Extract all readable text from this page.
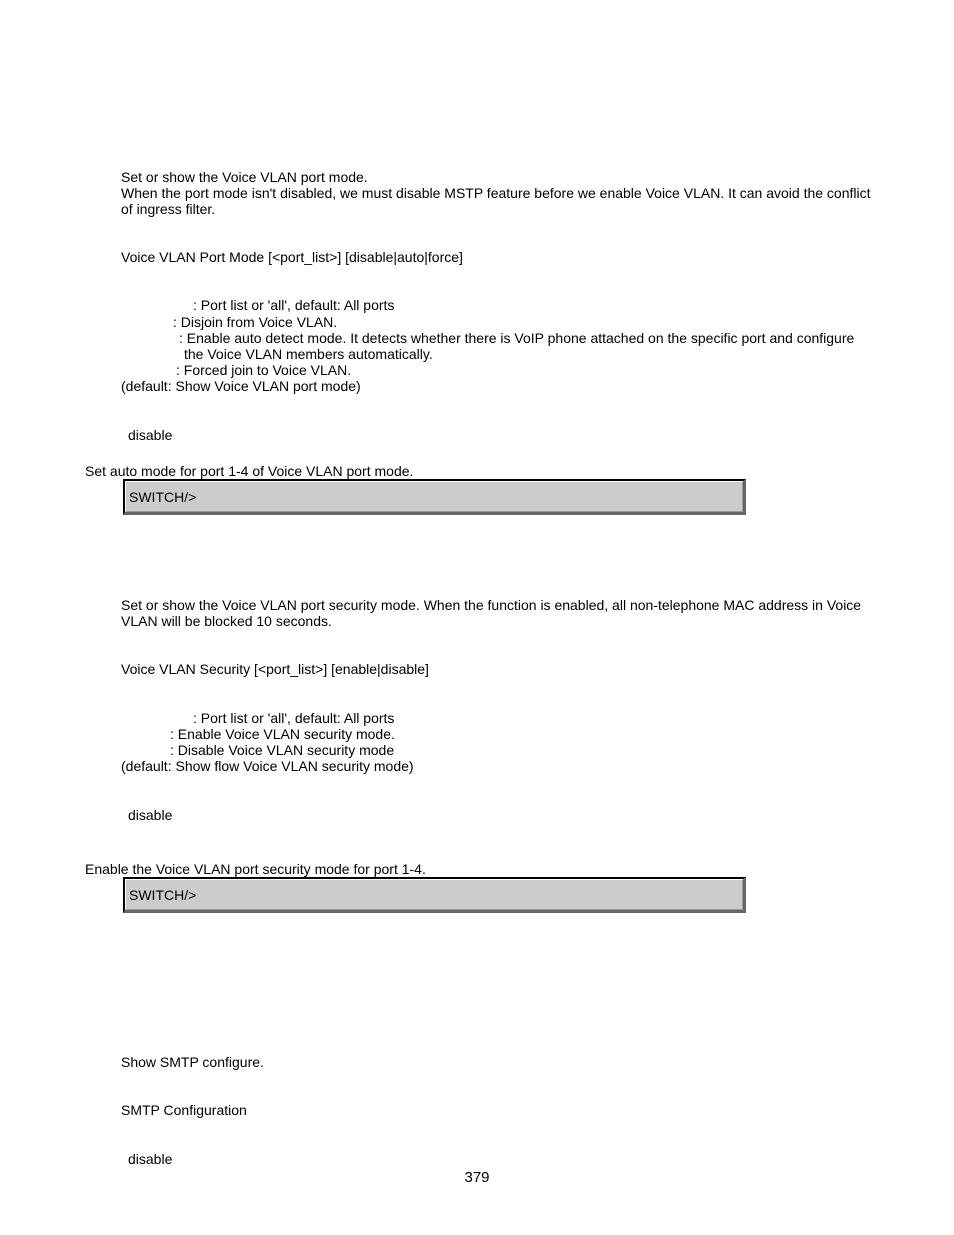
Set or show the Voice VLAN port mode.
When the port mode isn't disabled, we must disable MSTP feature before we enable Voice VLAN. It can avoid the conflict
of ingress filter.
Voice VLAN Port Mode [<port_list>] [disable|auto|force]
: Port list or 'all', default: All ports
: Disjoin from Voice VLAN.
: Enable auto detect mode. It detects whether there is VoIP phone attached on the specific port and configure
the Voice VLAN members automatically.
: Forced join to Voice VLAN.
(default: Show Voice VLAN port mode)
disable
Set auto mode for port 1-4 of Voice VLAN port mode.
SWITCH/>
Set or show the Voice VLAN port security mode. When the function is enabled, all non-telephone MAC address in Voice
VLAN will be blocked 10 seconds.
Voice VLAN Security [<port_list>] [enable|disable]
: Port list or 'all', default: All ports
: Enable Voice VLAN security mode.
: Disable Voice VLAN security mode
(default: Show flow Voice VLAN security mode)
disable
Enable the Voice VLAN port security mode for port 1-4.
SWITCH/>
Show SMTP configure.
SMTP Configuration
disable
379
